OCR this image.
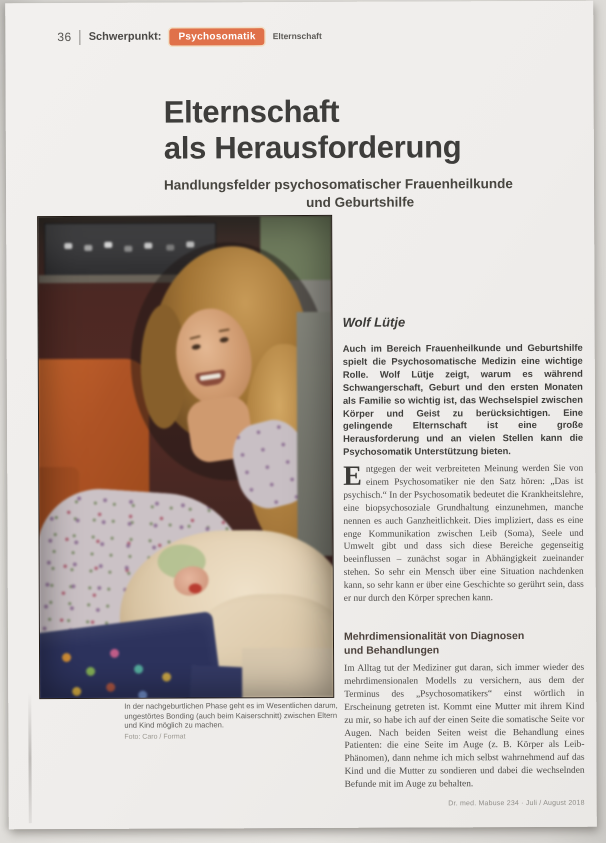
36 Schwerpunkt:	Psychosomatik	Elternschaft
Elternschaft
als Herausforderung
Handlungsfelder psychosomatischer Frauenheilkunde
und Geburtshilfe
In der nachgeburtlichen Phase geht es im Wesentlichen darum, ungestörtes Bonding (auch beim Kaiserschnitt) zwischen Eltern und Kind möglich zu machen.
Foto: Caro / Format
Wolf Lütje
Auch im Bereich Frauenheilkunde und Geburtshilfe spielt die Psychosomatische Medizin eine wichtige Rolle. Wolf Lütje zeigt, warum es während Schwangerschaft, Geburt und den ersten Monaten als Familie so wichtig ist, das Wechselspiel zwischen Körper und Geist zu berücksichtigen. Eine gelingende Elternschaft ist eine große Herausforderung und an vielen Stellen kann die Psychosomatik Unterstützung bieten.
Entgegen der weit verbreiteten Meinung werden Sie von einem Psychosomatiker nie den Satz hören: „Das ist psychisch.“ In der Psychosomatik bedeutet die Krankheitslehre, eine biopsychosoziale Grundhaltung einzunehmen, manche nennen es auch Ganzheitlichkeit. Dies impliziert, dass es eine enge Kommunikation zwischen Leib (Soma), Seele und Umwelt gibt und dass sich diese Bereiche gegenseitig beeinflussen – zunächst sogar in Abhängigkeit zueinander stehen. So sehr ein Mensch über eine Situation nachdenken kann, so sehr kann er über eine Geschichte so gerührt sein, dass er nur durch den Körper sprechen kann.
Mehrdimensionalität von Diagnosen
und Behandlungen
Im Alltag tut der Mediziner gut daran, sich immer wieder des mehrdimensionalen Modells zu versichern, aus dem der Terminus des „Psychosomatikers“ einst wörtlich in Erscheinung getreten ist. Kommt eine Mutter mit ihrem Kind zu mir, so habe ich auf der einen Seite die somatische Seite vor Augen. Nach beiden Seiten weist die Behandlung eines Patienten: die eine Seite im Auge (z. B. Körper als Leib-Phänomen), dann nehme ich mich selbst wahrnehmend auf das Kind und die Mutter zu sondieren und dabei die wechselnden Befunde mit im Auge zu behalten.
Dr. med. Mabuse 234 · Juli / August 2018
